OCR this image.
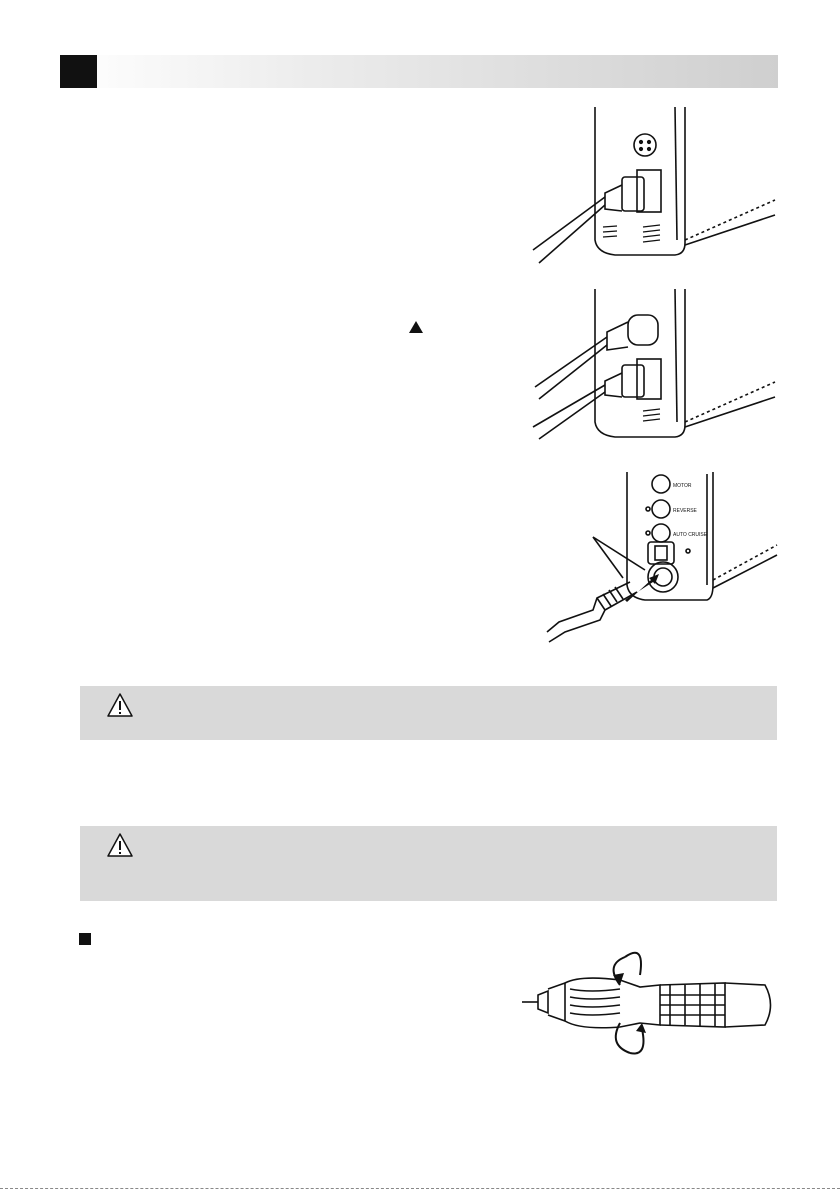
MOTOR
REVERSE
AUTO CRUISE
